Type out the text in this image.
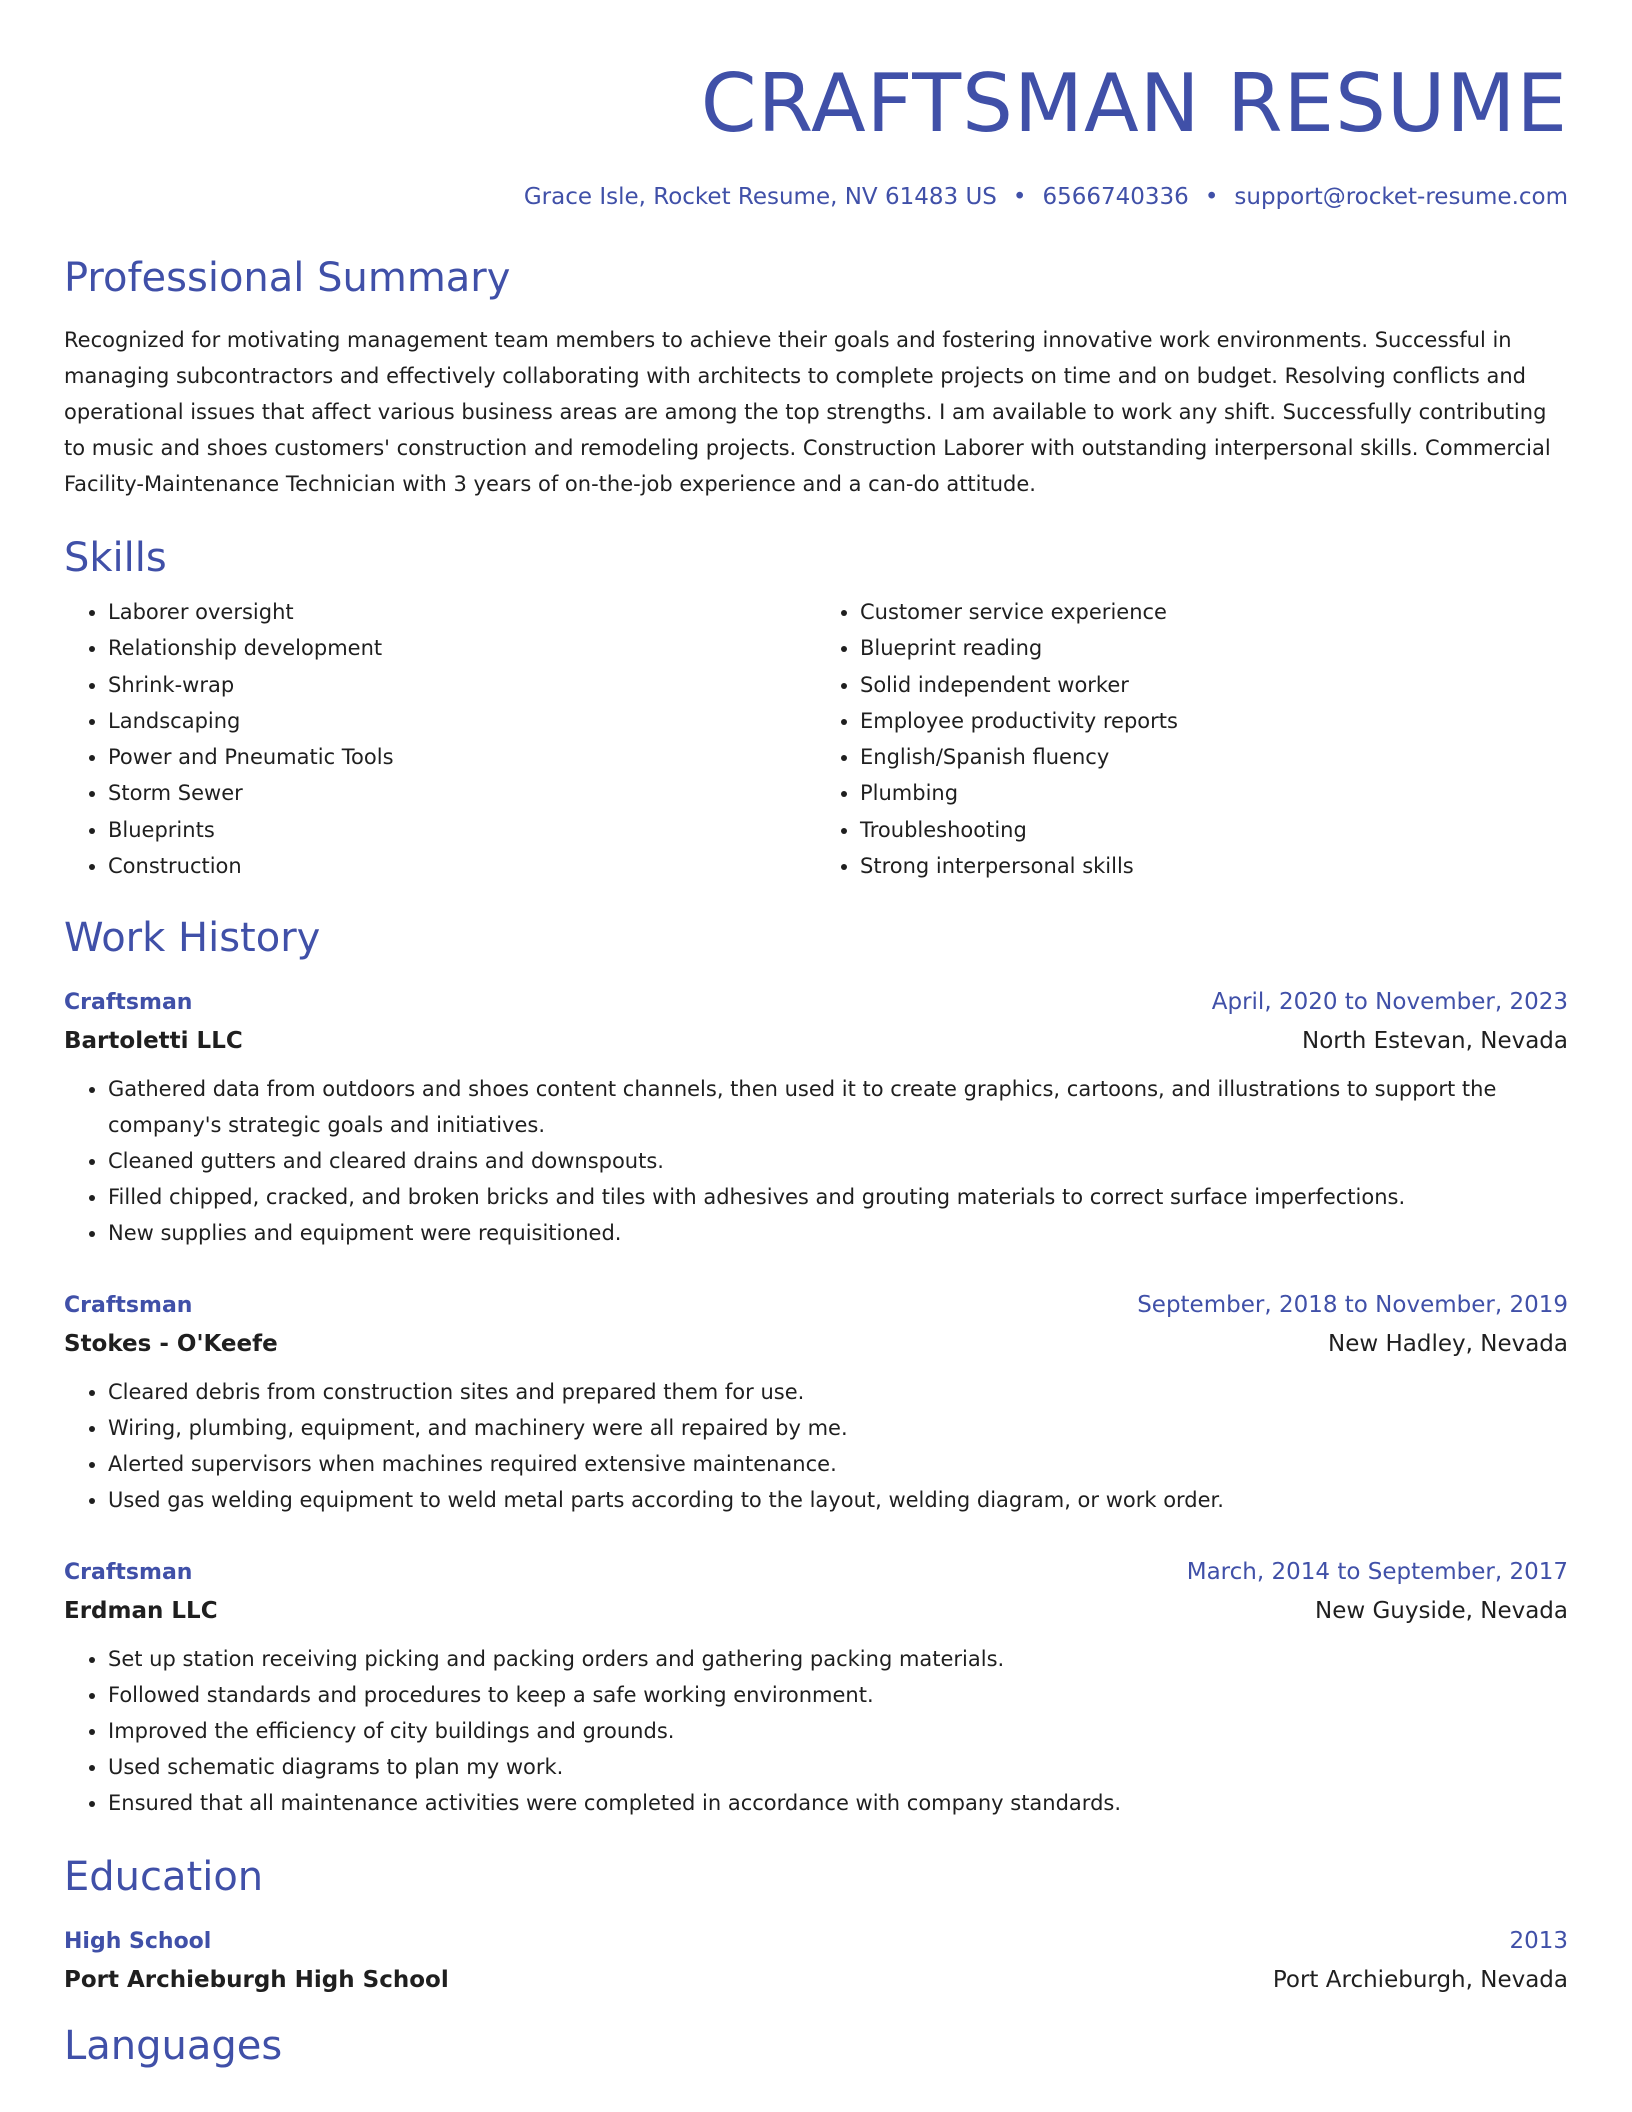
CRAFTSMAN RESUME
Grace Isle, Rocket Resume, NV 61483 US • 6566740336 • support@rocket-resume.com
Professional Summary

Recognized for motivating management team members to achieve their goals and fostering innovative work environments. Successful in managing subcontractors and effectively collaborating with architects to complete projects on time and on budget. Resolving conflicts and operational issues that affect various business areas are among the top strengths. I am available to work any shift. Successfully contributing to music and shoes customers' construction and remodeling projects. Construction Laborer with outstanding interpersonal skills. Commercial Facility-Maintenance Technician with 3 years of on-the-job experience and a can-do attitude.

Skills
• Laborer oversight
• Relationship development
• Shrink-wrap
• Landscaping
• Power and Pneumatic Tools
• Storm Sewer
• Blueprints
• Construction
• Customer service experience
• Blueprint reading
• Solid independent worker
• Employee productivity reports
• English/Spanish fluency
• Plumbing
• Troubleshooting
• Strong interpersonal skills
Work History
Craftsman	April, 2020 to November, 2023
Bartoletti LLC	North Estevan, Nevada
• Gathered data from outdoors and shoes content channels, then used it to create graphics, cartoons, and illustrations to support the company's strategic goals and initiatives.
• Cleaned gutters and cleared drains and downspouts.
• Filled chipped, cracked, and broken bricks and tiles with adhesives and grouting materials to correct surface imperfections.
• New supplies and equipment were requisitioned.
Craftsman	September, 2018 to November, 2019
Stokes - O'Keefe	New Hadley, Nevada
• Cleared debris from construction sites and prepared them for use.
• Wiring, plumbing, equipment, and machinery were all repaired by me.
• Alerted supervisors when machines required extensive maintenance.
• Used gas welding equipment to weld metal parts according to the layout, welding diagram, or work order.
Craftsman	March, 2014 to September, 2017
Erdman LLC	New Guyside, Nevada
• Set up station receiving picking and packing orders and gathering packing materials.
• Followed standards and procedures to keep a safe working environment.
• Improved the efficiency of city buildings and grounds.
• Used schematic diagrams to plan my work.
• Ensured that all maintenance activities were completed in accordance with company standards.
Education
High School	2013
Port Archieburgh High School	Port Archieburgh, Nevada
Languages
